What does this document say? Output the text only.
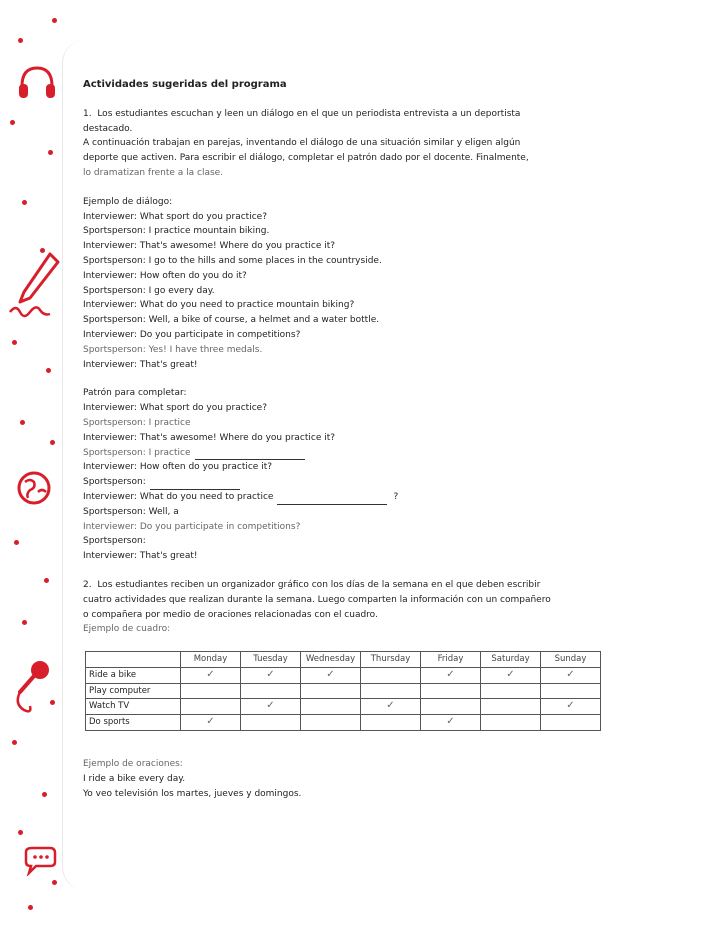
Actividades sugeridas del programa

1. Los estudiantes escuchan y leen un diálogo en el que un periodista entrevista a un deportista

destacado.

A continuación trabajan en parejas, inventando el diálogo de una situación similar y eligen algún

deporte que activen. Para escribir el diálogo, completar el patrón dado por el docente. Finalmente,

lo dramatizan frente a la clase.

Ejemplo de diálogo:

Interviewer: What sport do you practice?

Sportsperson: I practice mountain biking.

Interviewer: That's awesome! Where do you practice it?

Sportsperson: I go to the hills and some places in the countryside.

Interviewer: How often do you do it?

Sportsperson: I go every day.

Interviewer: What do you need to practice mountain biking?

Sportsperson: Well, a bike of course, a helmet and a water bottle.

Interviewer: Do you participate in competitions?

Sportsperson: Yes! I have three medals.

Interviewer: That's great!

Patrón para completar:

Interviewer: What sport do you practice?

Sportsperson: I practice

Interviewer: That's awesome! Where do you practice it?

Sportsperson: I practice

Interviewer: How often do you practice it?

Sportsperson:

Interviewer: What do you need to practice	?

Sportsperson: Well, a

Interviewer: Do you participate in competitions?

Sportsperson:

Interviewer: That's great!

2. Los estudiantes reciben un organizador gráfico con los días de la semana en el que deben escribir

cuatro actividades que realizan durante la semana. Luego comparten la información con un compañero

o compañera por medio de oraciones relacionadas con el cuadro.

Ejemplo de cuadro:

	Monday	Tuesday	Wednesday	Thursday	Friday	Saturday	Sunday
Ride a bike	✓	✓	✓		✓	✓	✓
Play computer							
Watch TV		✓		✓			✓
Do sports	✓				✓		

Ejemplo de oraciones:

I ride a bike every day.

Yo veo televisión los martes, jueves y domingos.
